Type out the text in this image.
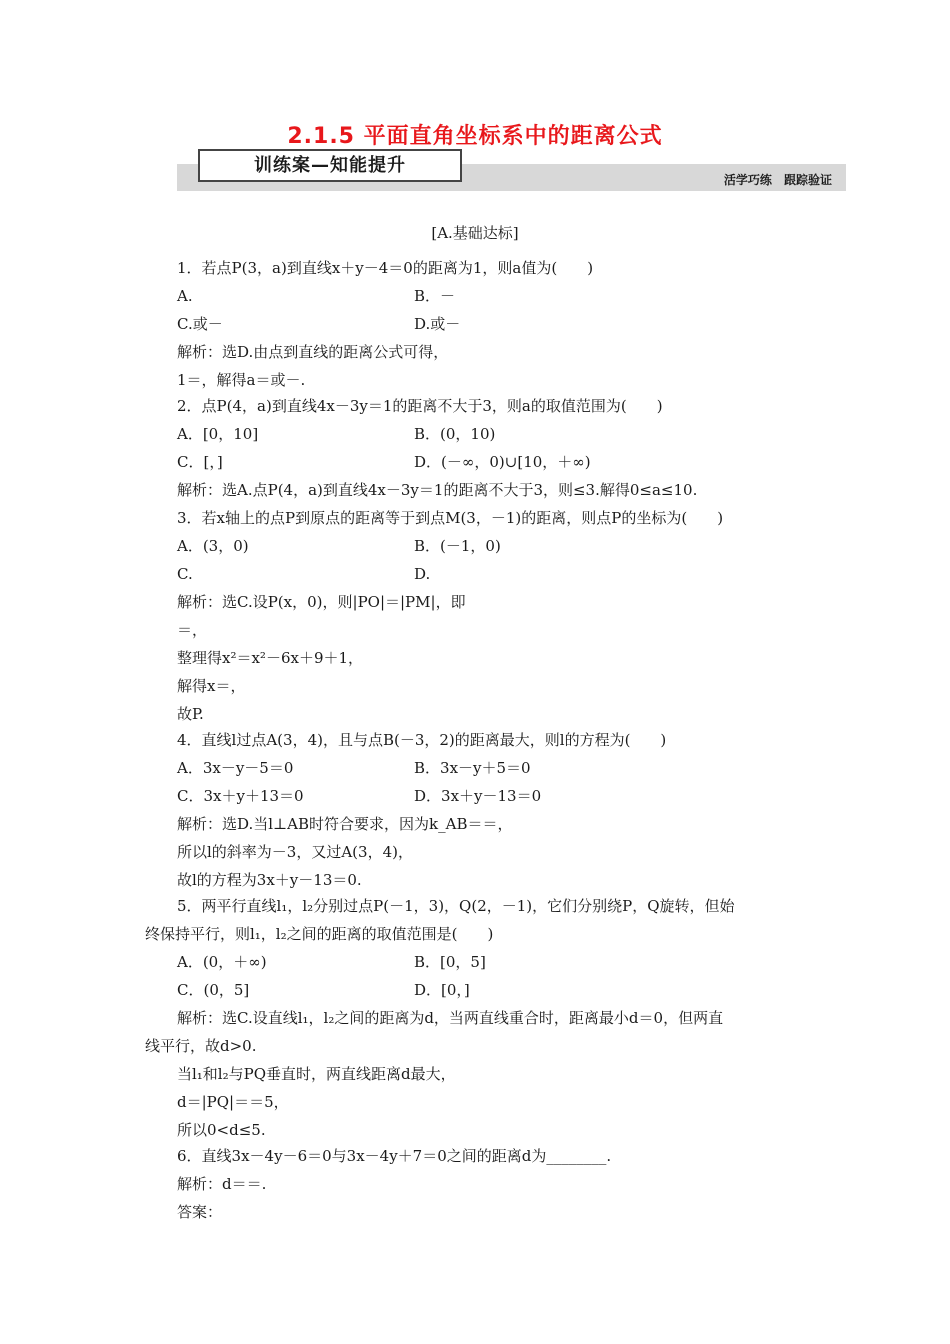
2.1.5 平面直角坐标系中的距离公式
训练案—知能提升
活学巧练 跟踪验证
[A.基础达标]
1．若点P(3，a)到直线x＋y－4＝0的距离为1，则a值为(　　)
A.	B．－
C.或－	D.或－
解析：选D.由点到直线的距离公式可得，
1＝，解得a＝或－.
2．点P(4，a)到直线4x－3y＝1的距离不大于3，则a的取值范围为(　　)
A．[0，10]	B．(0，10)
C．[，]	D．(－∞，0)∪[10，＋∞)
解析：选A.点P(4，a)到直线4x－3y＝1的距离不大于3，则≤3.解得0≤a≤10.
3．若x轴上的点P到原点的距离等于到点M(3，－1)的距离，则点P的坐标为(　　)
A．(3，0)	B．(－1，0)
C.	D.
解析：选C.设P(x，0)，则|PO|＝|PM|，即
＝，
整理得x²＝x²－6x＋9＋1，
解得x＝，
故P.
4．直线l过点A(3，4)，且与点B(－3，2)的距离最大，则l的方程为(　　)
A．3x－y－5＝0	B．3x－y＋5＝0
C．3x＋y＋13＝0	D．3x＋y－13＝0
解析：选D.当l⊥AB时符合要求，因为k_AB＝＝，
所以l的斜率为－3，又过A(3，4)，
故l的方程为3x＋y－13＝0.
5．两平行直线l₁，l₂分别过点P(－1，3)，Q(2，－1)，它们分别绕P，Q旋转，但始
终保持平行，则l₁，l₂之间的距离的取值范围是(　　)
A．(0，＋∞)	B．[0，5]
C．(0，5]	D．[0，]
解析：选C.设直线l₁，l₂之间的距离为d，当两直线重合时，距离最小d＝0，但两直
线平行，故d>0.
当l₁和l₂与PQ垂直时，两直线距离d最大，
d＝|PQ|＝＝5，
所以0<d≤5.
6．直线3x－4y－6＝0与3x－4y＋7＝0之间的距离d为________.
解析：d＝＝.
答案：
